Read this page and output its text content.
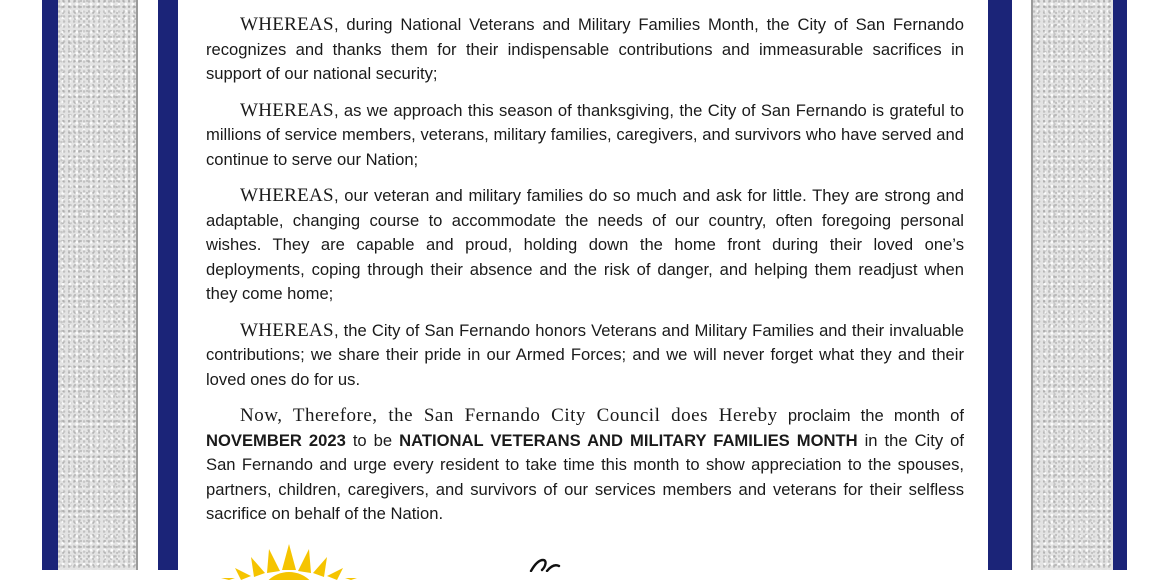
WHEREAS, during National Veterans and Military Families Month, the City of San Fernando recognizes and thanks them for their indispensable contributions and immeasurable sacrifices in support of our national security;

WHEREAS, as we approach this season of thanksgiving, the City of San Fernando is grateful to millions of service members, veterans, military families, caregivers, and survivors who have served and continue to serve our Nation;

WHEREAS, our veteran and military families do so much and ask for little. They are strong and adaptable, changing course to accommodate the needs of our country, often foregoing personal wishes. They are capable and proud, holding down the home front during their loved one’s deployments, coping through their absence and the risk of danger, and helping them readjust when they come home;

WHEREAS, the City of San Fernando honors Veterans and Military Families and their invaluable contributions; we share their pride in our Armed Forces; and we will never forget what they and their loved ones do for us.

Now, Therefore, the San Fernando City Council does Hereby proclaim the month of NOVEMBER 2023 to be NATIONAL VETERANS AND MILITARY FAMILIES MONTH in the City of San Fernando and urge every resident to take time this month to show appreciation to the spouses, partners, children, caregivers, and survivors of our services members and veterans for their selfless sacrifice on behalf of the Nation.
